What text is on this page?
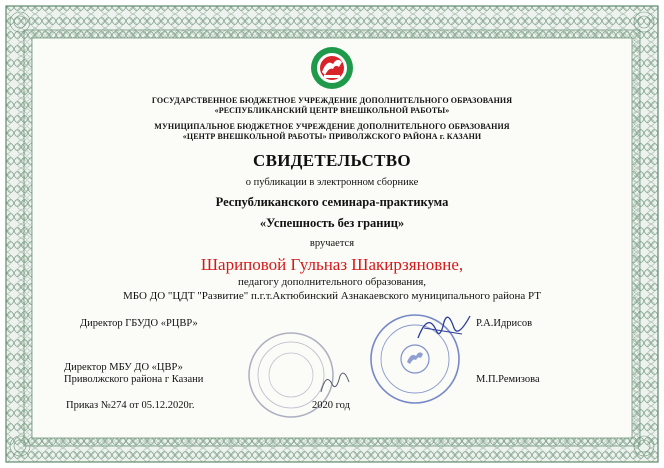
ГОСУДАРСТВЕННОЕ БЮДЖЕТНОЕ УЧРЕЖДЕНИЕ ДОПОЛНИТЕЛЬНОГО ОБРАЗОВАНИЯ
«РЕСПУБЛИКАНСКИЙ ЦЕНТР ВНЕШКОЛЬНОЙ РАБОТЫ»
МУНИЦИПАЛЬНОЕ БЮДЖЕТНОЕ УЧРЕЖДЕНИЕ ДОПОЛНИТЕЛЬНОГО ОБРАЗОВАНИЯ
«ЦЕНТР ВНЕШКОЛЬНОЙ РАБОТЫ» ПРИВОЛЖСКОГО РАЙОНА г. КАЗАНИ
СВИДЕТЕЛЬСТВО
о публикации в электронном сборнике
Республиканского семинара-практикума
«Успешность без границ»
вручается
Шариповой Гульназ Шакирзяновне,
педагогу дополнительного образования,
МБО ДО "ЦДТ "Развитие" п.г.т.Актюбинский Азнакаевского муниципального района РТ
Директор ГБУДО «РЦВР»	Р.А.Идрисов
Директор МБУ ДО «ЦВР»
Приволжского района г Казани	М.П.Ремизова
Приказ №274 от 05.12.2020г.	2020 год
